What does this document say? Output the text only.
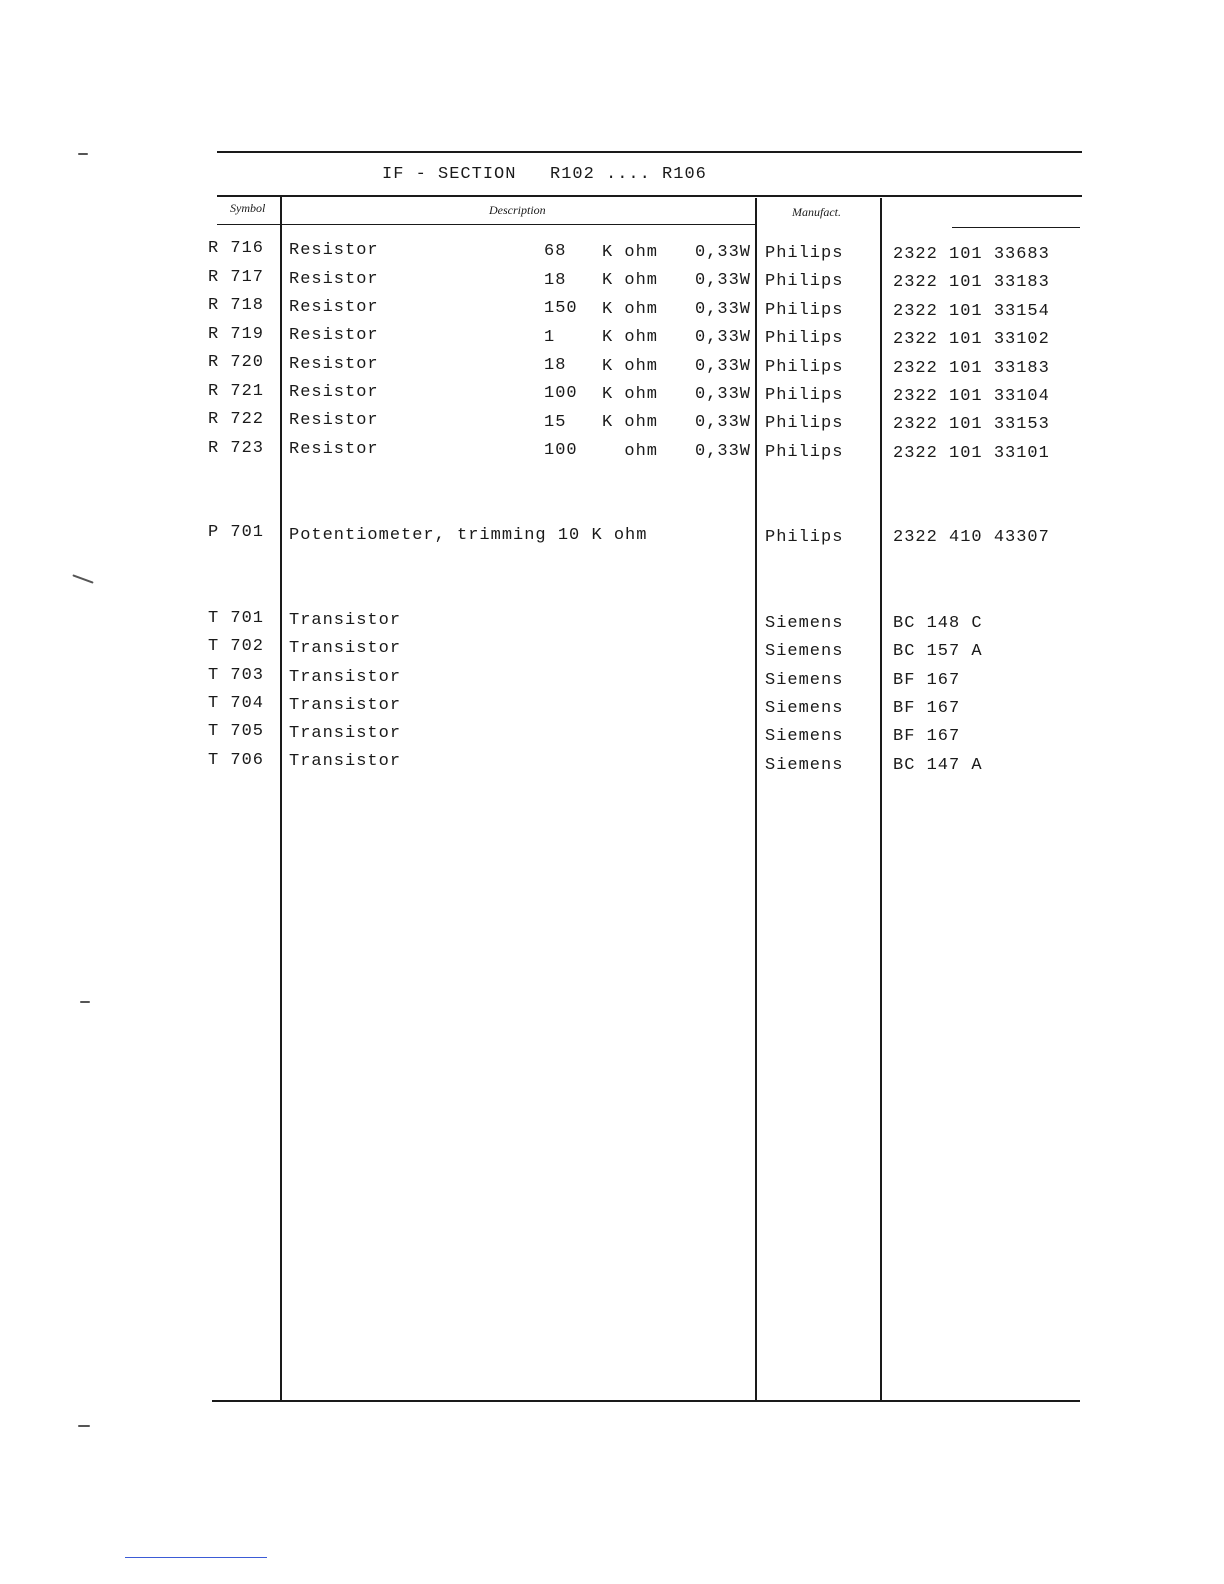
IF - SECTION   R102 .... R106
Symbol	Description	Manufact.
R 716 Resistor	68 K ohm 0,33W Philips	2322 101 33683
R 717 Resistor	18 K ohm 0,33W Philips	2322 101 33183
R 718 Resistor	150 K ohm 0,33W Philips	2322 101 33154
R 719 Resistor	1	K ohm 0,33W Philips	2322 101 33102
R 720 Resistor	18 K ohm 0,33W Philips	2322 101 33183
R 721 Resistor	100 K ohm 0,33W Philips	2322 101 33104
R 722 Resistor	15 K ohm 0,33W Philips	2322 101 33153
R 723 Resistor	100 ohm 0,33W Philips	2322 101 33101
P 701 Potentiometer, trimming 10 K ohm	Philips	2322 410 43307
T 701 Transistor	Siemens	BC 148 C
T 702 Transistor	Siemens	BC 157 A
T 703 Transistor	Siemens	BF 167
T 704 Transistor	Siemens	BF 167
T 705 Transistor	Siemens	BF 167
T 706 Transistor	Siemens	BC 147 A
